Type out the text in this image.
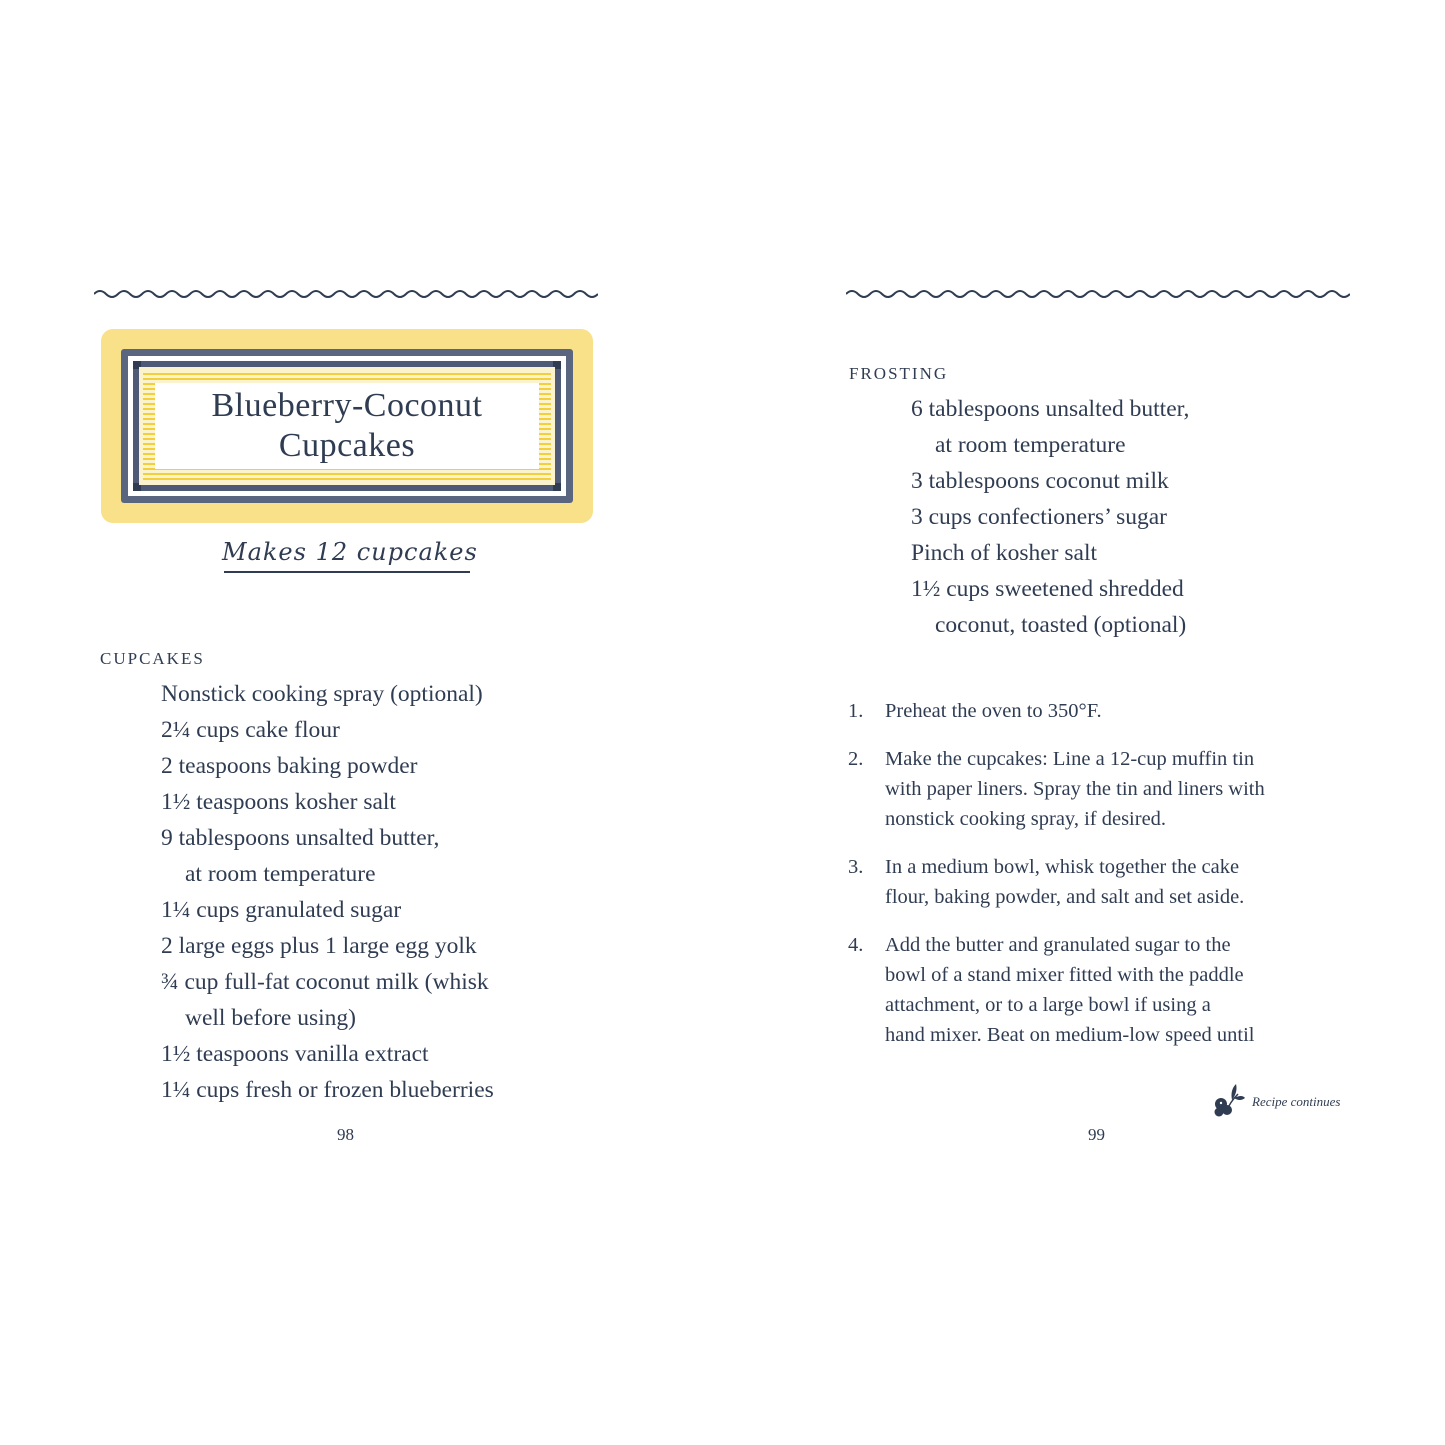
Blueberry-Coconut
Cupcakes
Makes 12 cupcakes
CUPCAKES
Nonstick cooking spray (optional)
2¼ cups cake flour
2 teaspoons baking powder
1½ teaspoons kosher salt
9 tablespoons unsalted butter,
at room temperature
1¼ cups granulated sugar
2 large eggs plus 1 large egg yolk
¾ cup full-fat coconut milk (whisk
well before using)
1½ teaspoons vanilla extract
1¼ cups fresh or frozen blueberries
98
FROSTING
6 tablespoons unsalted butter,
at room temperature
3 tablespoons coconut milk
3 cups confectioners’ sugar
Pinch of kosher salt
1½ cups sweetened shredded
coconut, toasted (optional)
1. Preheat the oven to 350°F.
2. Make the cupcakes: Line a 12-cup muffin tin
with paper liners. Spray the tin and liners with
nonstick cooking spray, if desired.
3. In a medium bowl, whisk together the cake
flour, baking powder, and salt and set aside.
4. Add the butter and granulated sugar to the
bowl of a stand mixer fitted with the paddle
attachment, or to a large bowl if using a
hand mixer. Beat on medium-low speed until
Recipe continues
99
